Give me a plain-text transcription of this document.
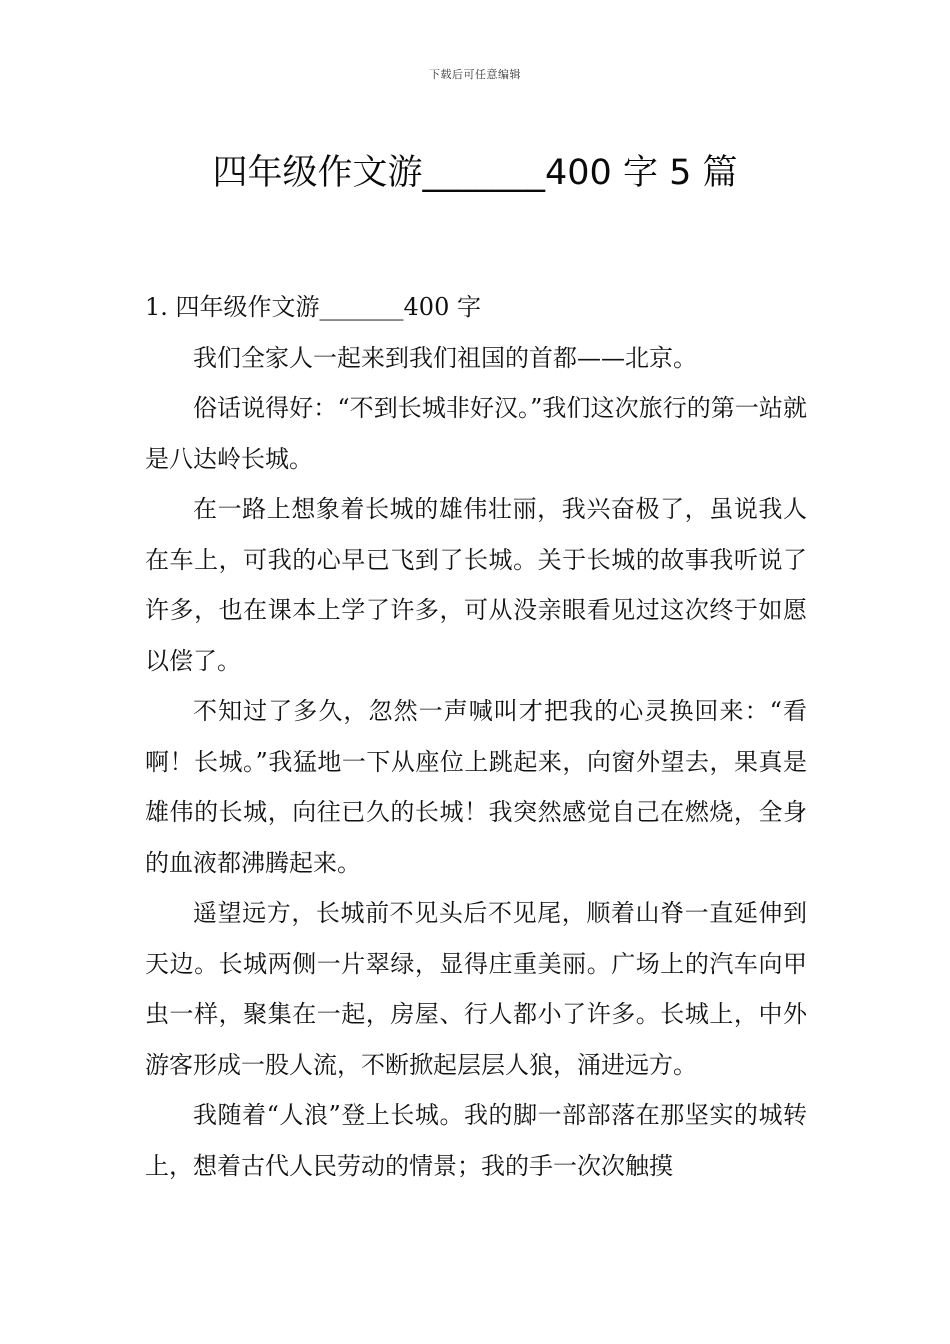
下载后可任意编辑
四年级作文游_______400 字 5 篇

1. 四年级作文游_______400 字

我们全家人一起来到我们祖国的首都——北京。

俗话说得好：“不到长城非好汉。”我们这次旅行的第一站就是八达岭长城。

在一路上想象着长城的雄伟壮丽，我兴奋极了，虽说我人在车上，可我的心早已飞到了长城。关于长城的故事我听说了许多，也在课本上学了许多，可从没亲眼看见过这次终于如愿以偿了。

不知过了多久，忽然一声喊叫才把我的心灵换回来：“看啊！长城。”我猛地一下从座位上跳起来，向窗外望去，果真是雄伟的长城，向往已久的长城！我突然感觉自己在燃烧，全身的血液都沸腾起来。

遥望远方，长城前不见头后不见尾，顺着山脊一直延伸到天边。长城两侧一片翠绿，显得庄重美丽。广场上的汽车向甲虫一样，聚集在一起，房屋、行人都小了许多。长城上，中外游客形成一股人流，不断掀起层层人狼，涌进远方。

我随着“人浪”登上长城。我的脚一部部落在那坚实的城转上，想着古代人民劳动的情景；我的手一次次触摸
